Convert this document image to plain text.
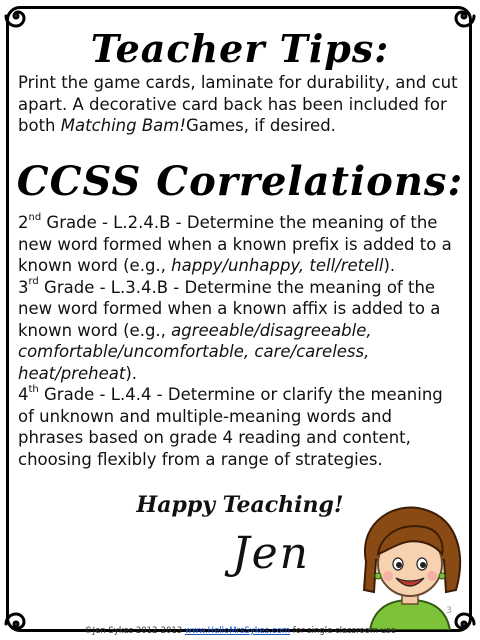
Teacher Tips:

Print the game cards, laminate for durability, and cut apart. A decorative card back has been included for both Matching Bam!Games, if desired.

CCSS Correlations:

2nd Grade - L.2.4.B - Determine the meaning of the new word formed when a known prefix is added to a known word (e.g., happy/unhappy, tell/retell).

3rd Grade - L.3.4.B - Determine the meaning of the new word formed when a known affix is added to a known word (e.g., agreeable/disagreeable, comfortable/uncomfortable, care/careless, heat/preheat).

4th Grade - L.4.4 - Determine or clarify the meaning of unknown and multiple-meaning words and phrases based on grade 4 reading and content, choosing flexibly from a range of strategies.

Happy Teaching!
Jen
3
©Jen Sykes 2012-2013 www.HelloMrsSykes.com for single classroom use
